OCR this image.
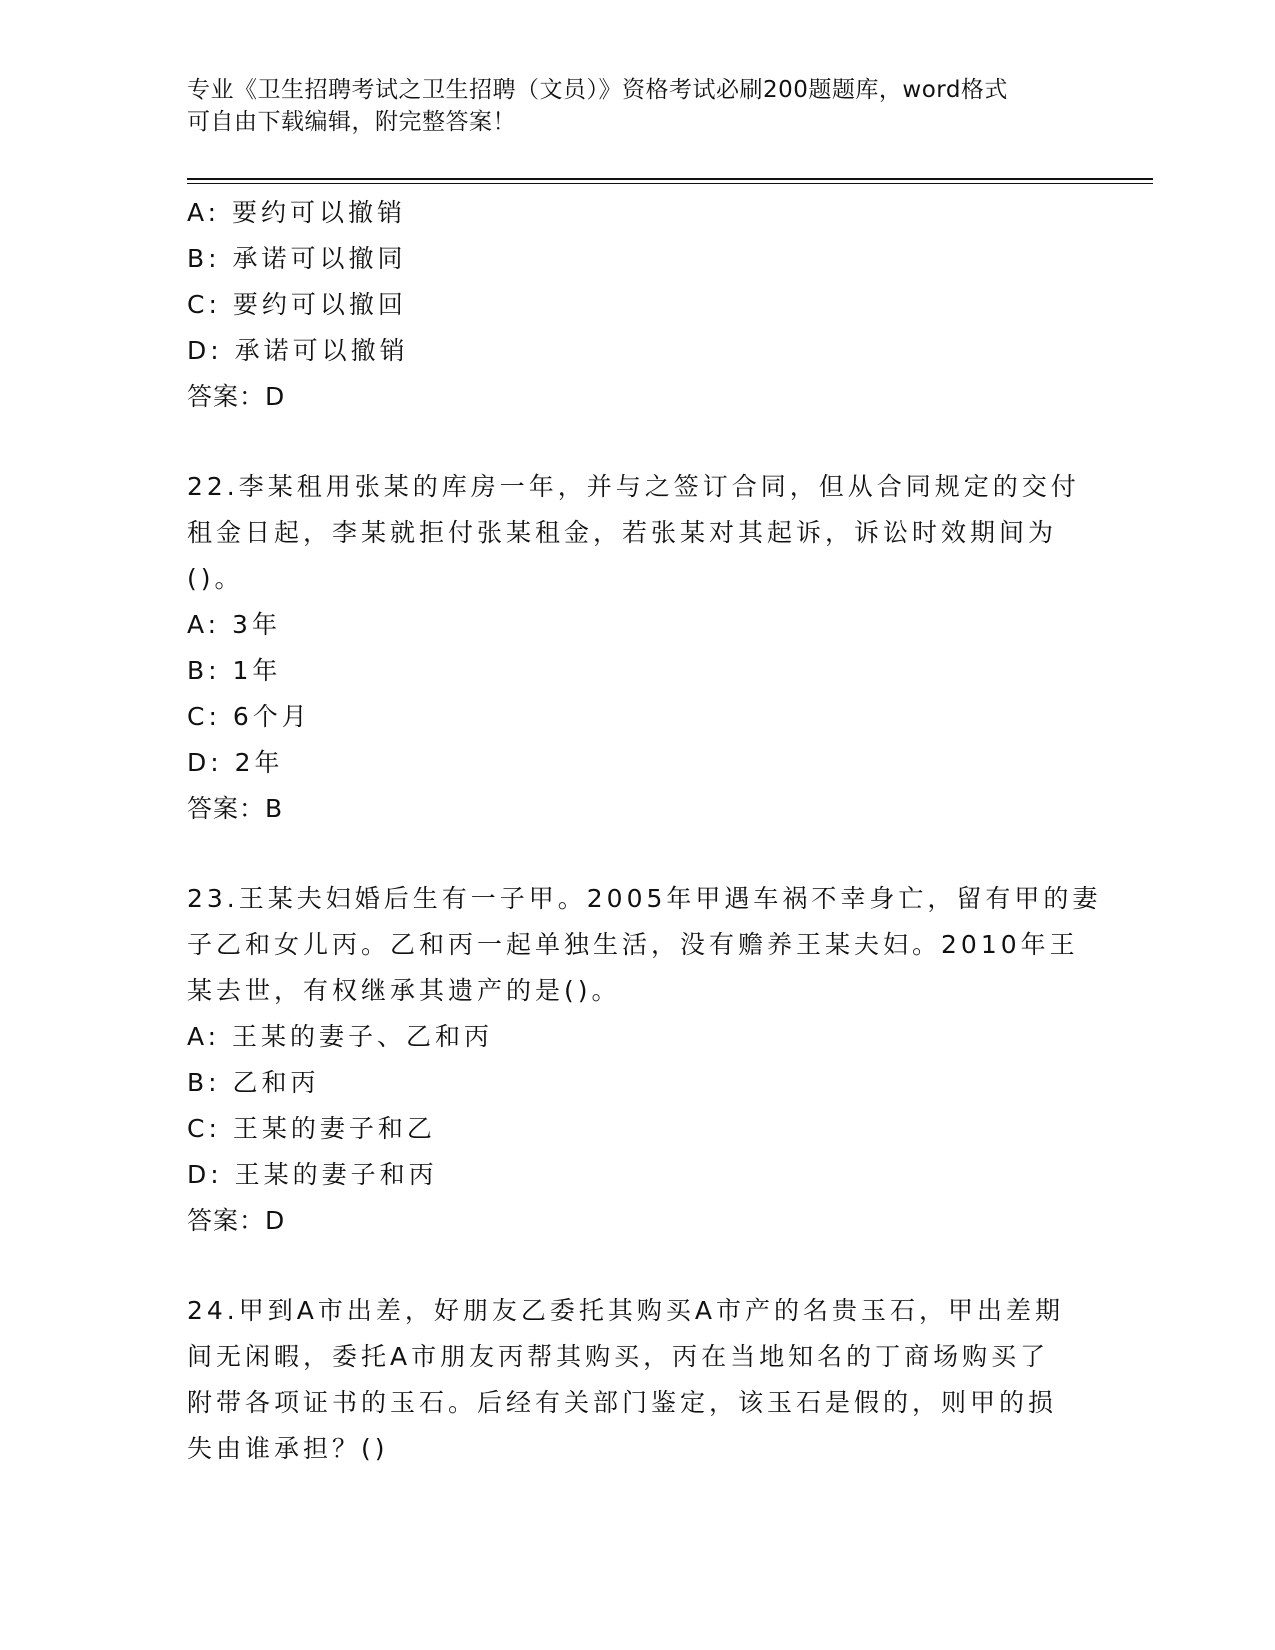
专业《卫生招聘考试之卫生招聘（文员）》资格考试必刷200题题库，word格式
可自由下载编辑，附完整答案！
A: 要约可以撤销
B: 承诺可以撤同
C: 要约可以撤回
D: 承诺可以撤销
答案：D
22.李某租用张某的库房一年，并与之签订合同，但从合同规定的交付
租金日起，李某就拒付张某租金，若张某对其起诉，诉讼时效期间为
()。
A: 3年
B: 1年
C: 6个月
D: 2年
答案：B
23.王某夫妇婚后生有一子甲。2005年甲遇车祸不幸身亡，留有甲的妻
子乙和女儿丙。乙和丙一起单独生活，没有赡养王某夫妇。2010年王
某去世，有权继承其遗产的是()。
A: 王某的妻子、乙和丙
B: 乙和丙
C: 王某的妻子和乙
D: 王某的妻子和丙
答案：D
24.甲到A市出差，好朋友乙委托其购买A市产的名贵玉石，甲出差期
间无闲暇，委托A市朋友丙帮其购买，丙在当地知名的丁商场购买了
附带各项证书的玉石。后经有关部门鉴定，该玉石是假的，则甲的损
失由谁承担？()
